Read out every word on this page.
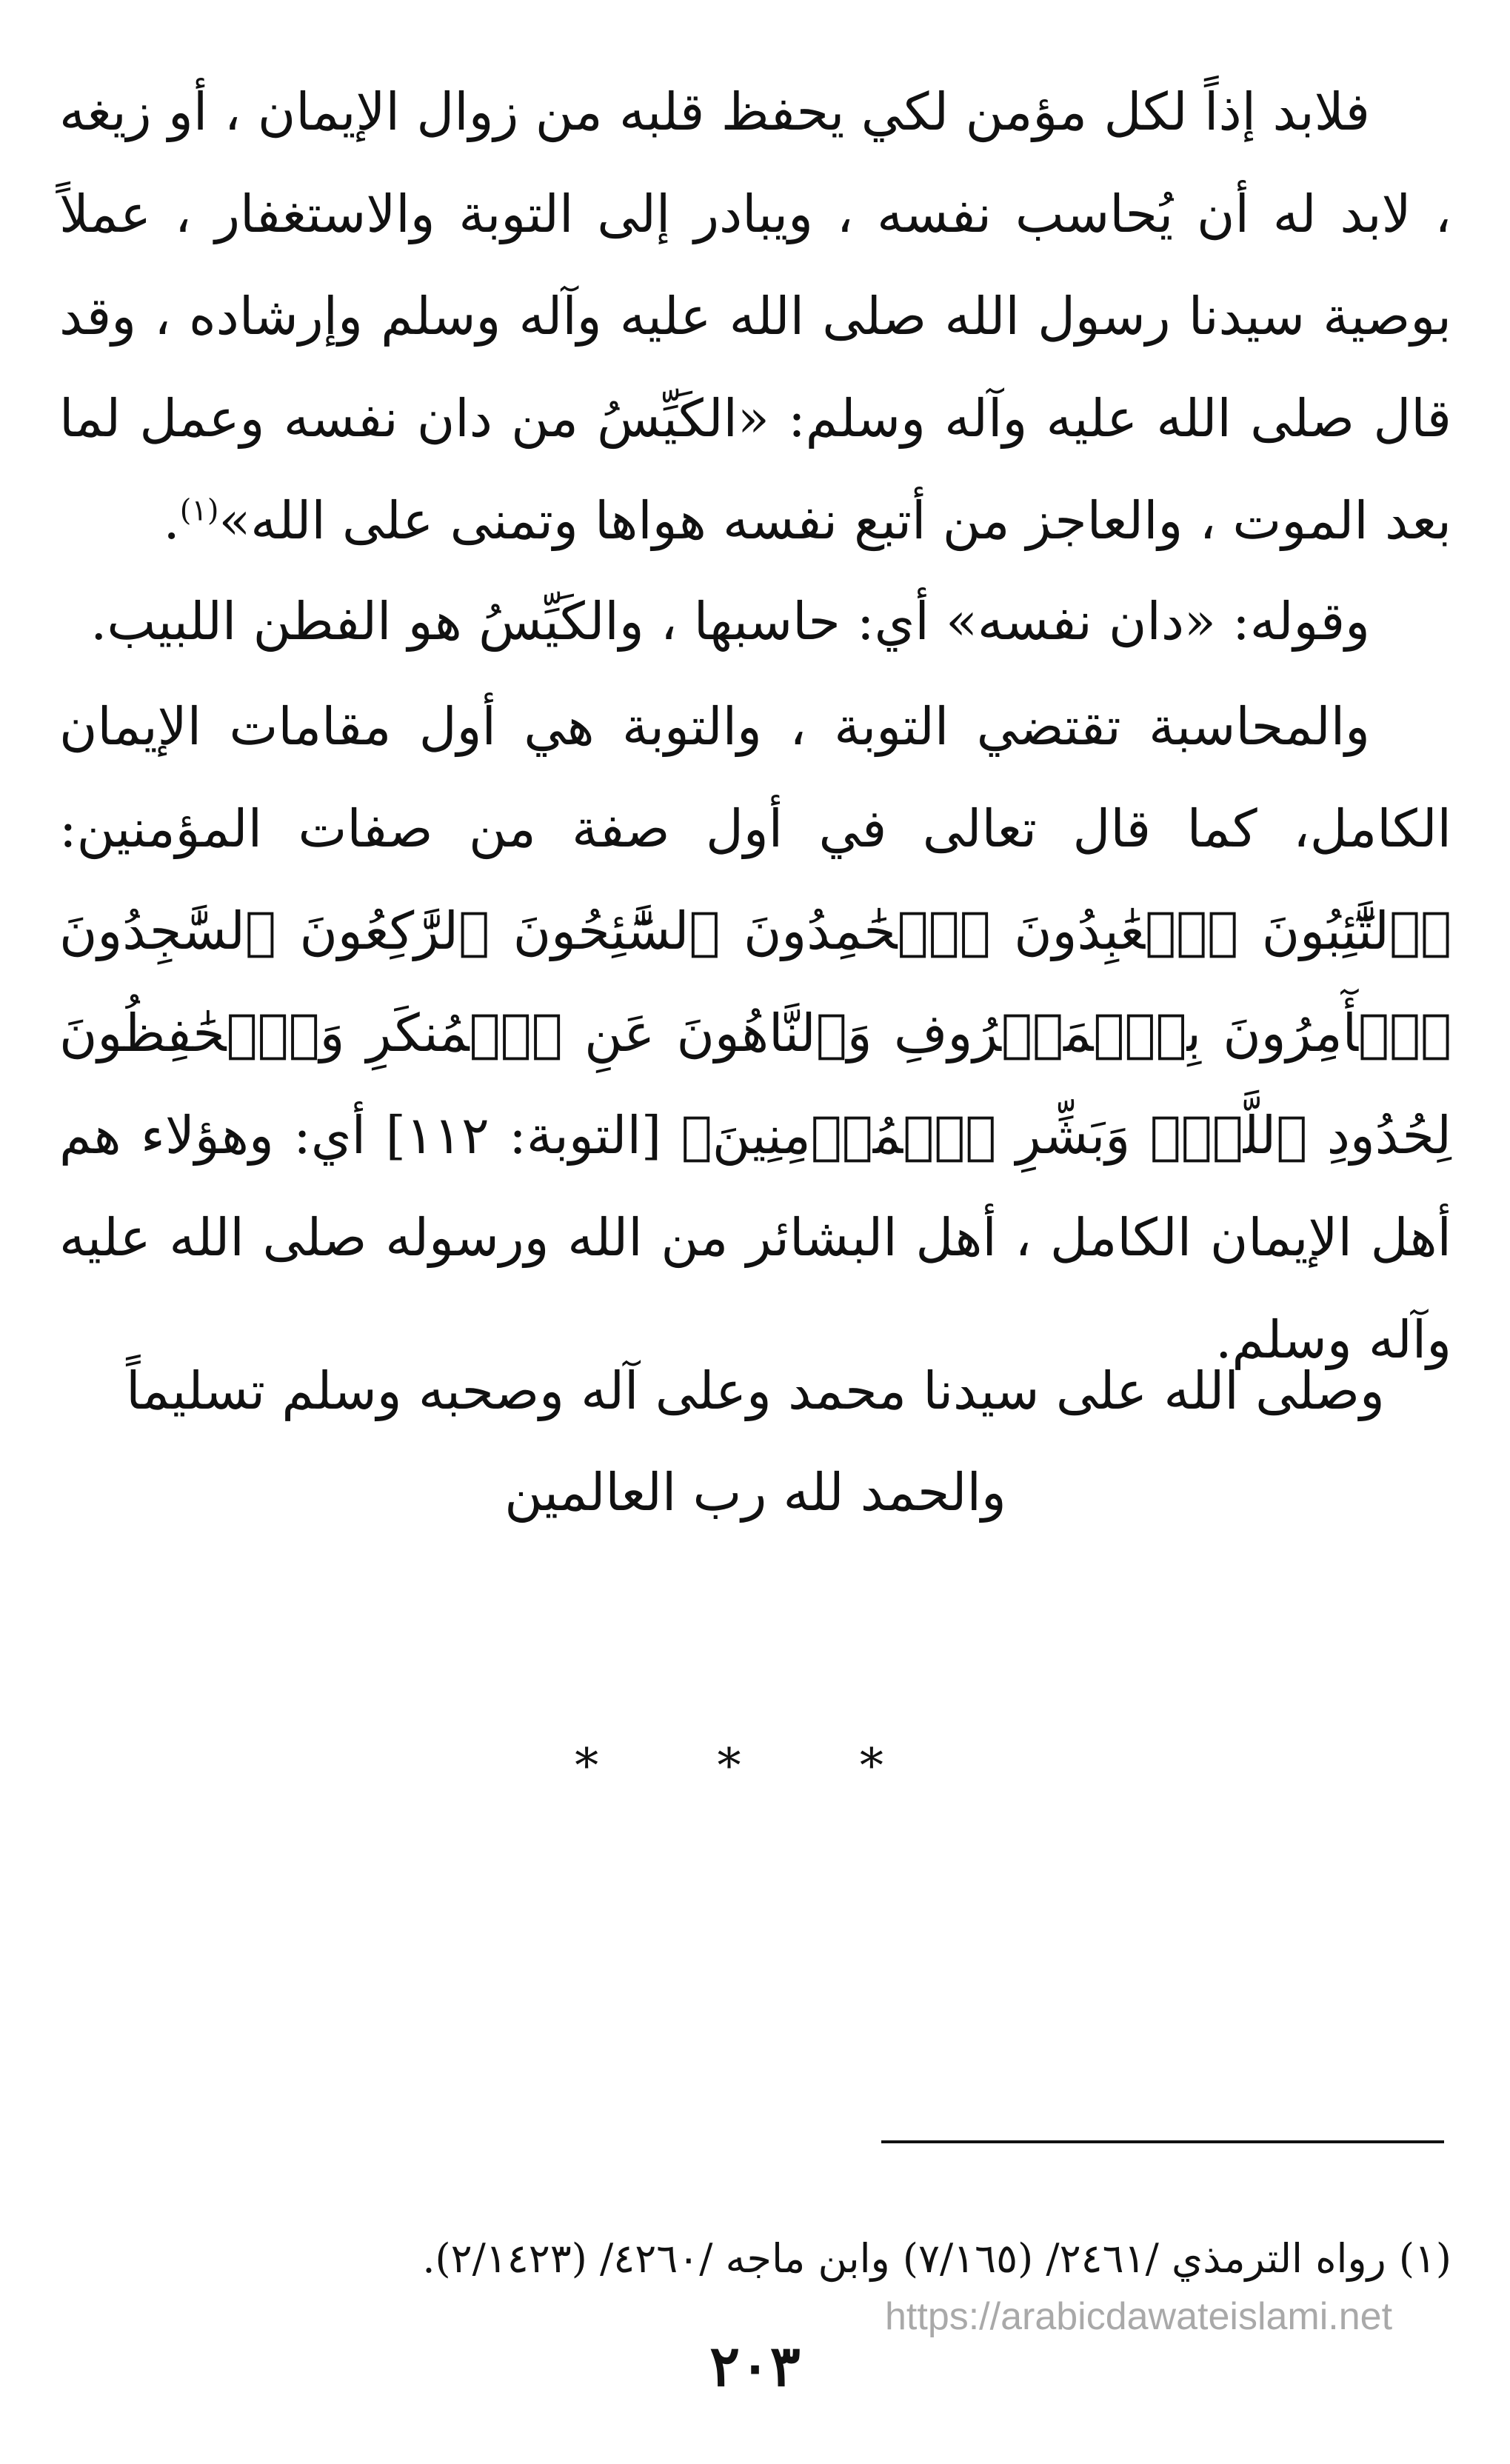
فلابد إذاً لكل مؤمن لكي يحفظ قلبه من زوال الإيمان ، أو زيغه ، لابد له أن يُحاسب نفسه ، ويبادر إلى التوبة والاستغفار ، عملاً بوصية سيدنا رسول الله صلى الله عليه وآله وسلم وإرشاده ، وقد قال صلى الله عليه وآله وسلم: «الكَيِّسُ من دان نفسه وعمل لما بعد الموت ، والعاجز من أتبع نفسه هواها وتمنى على الله»$^{(١)}$.

وقوله: «دان نفسه» أي: حاسبها ، والكَيِّسُ هو الفطن اللبيب.

والمحاسبة تقتضي التوبة ، والتوبة هي أول مقامات الإيمان الكامل، كما قال تعالى في أول صفة من صفات المؤمنين: ﴿ٱلتَّٰٓئِبُونَ ٱلۡعَٰبِدُونَ ٱلۡحَٰمِدُونَ ٱلسَّٰٓئِحُونَ ٱلرَّٰكِعُونَ ٱلسَّٰجِدُونَ ٱلۡأٓمِرُونَ بِٱلۡمَعۡرُوفِ وَٱلنَّاهُونَ عَنِ ٱلۡمُنكَرِ وَٱلۡحَٰفِظُونَ لِحُدُودِ ٱللَّهِۗ وَبَشِّرِ ٱلۡمُؤۡمِنِينَ﴾ [التوبة: ١١٢] أي: وهؤلاء هم أهل الإيمان الكامل ، أهل البشائر من الله ورسوله صلى الله عليه وآله وسلم.

وصلى الله على سيدنا محمد وعلى آله وصحبه وسلم تسليماً
والحمد لله رب العالمين
* * *
(١) رواه الترمذي /٢٤٦١/ (٧/١٦٥) وابن ماجه /٤٢٦٠/ (٢/١٤٢٣).
https://arabicdawateislami.net
٢٠٣
